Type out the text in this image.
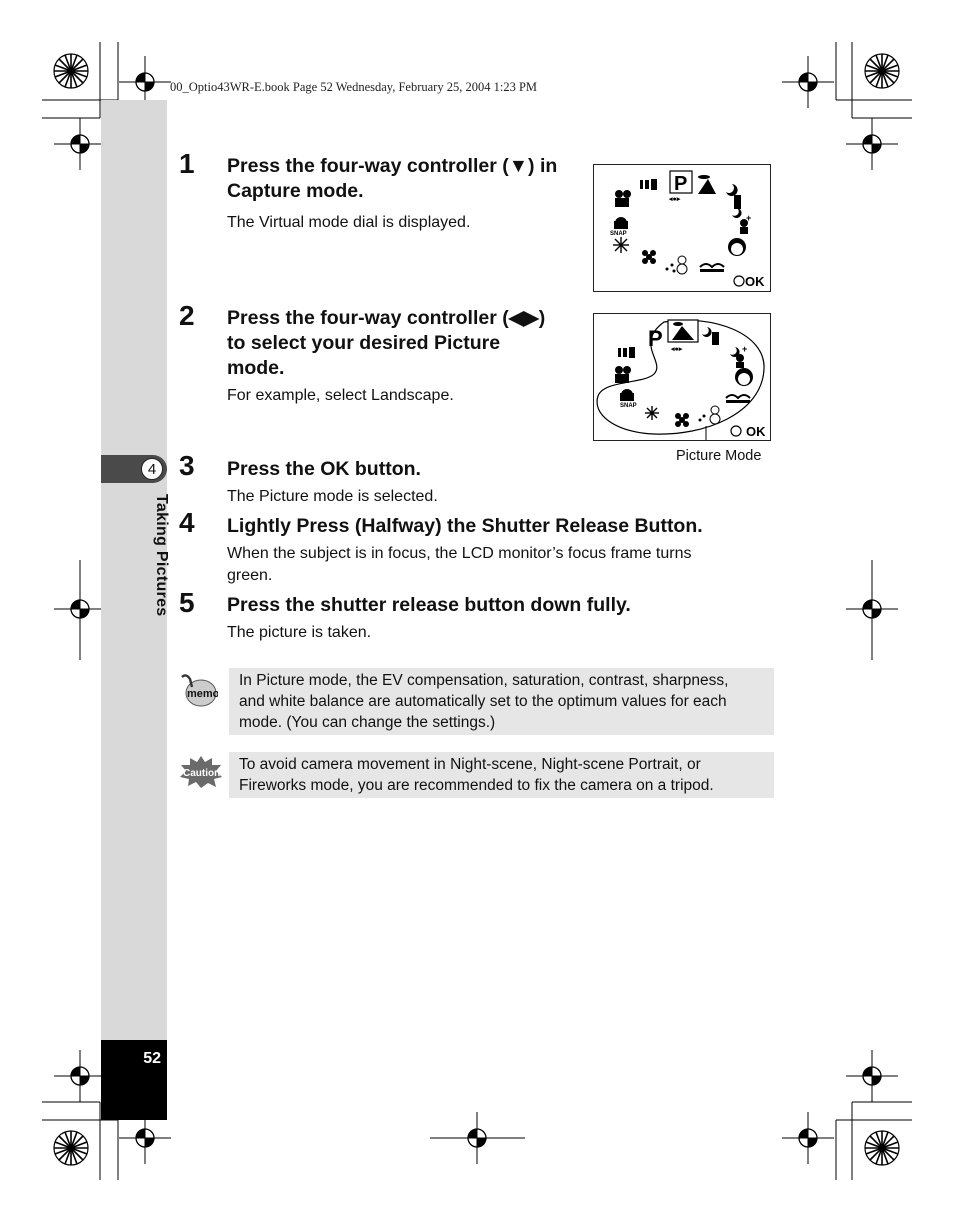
00_Optio43WR-E.book Page 52 Wednesday, February 25, 2004 1:23 PM
4
Taking Pictures
52
1 Press the four-way controller (▼) in
Capture mode.
The Virtual mode dial is displayed.
P
◂●▸
+
SNAP
OK
2 Press the four-way controller (◀▶)
to select your desired Picture
mode.
For example, select Landscape.
P ◂●▸	+
SNAP
OK
Picture Mode
3 Press the OK button.
The Picture mode is selected.
4 Lightly Press (Halfway) the Shutter Release Button.
When the subject is in focus, the LCD monitor’s focus frame turns
green.
5 Press the shutter release button down fully.
The picture is taken.
memo
In Picture mode, the EV compensation, saturation, contrast, sharpness,
and white balance are automatically set to the optimum values for each
mode. (You can change the settings.)
Caution
To avoid camera movement in Night-scene, Night-scene Portrait, or
Fireworks mode, you are recommended to fix the camera on a tripod.
